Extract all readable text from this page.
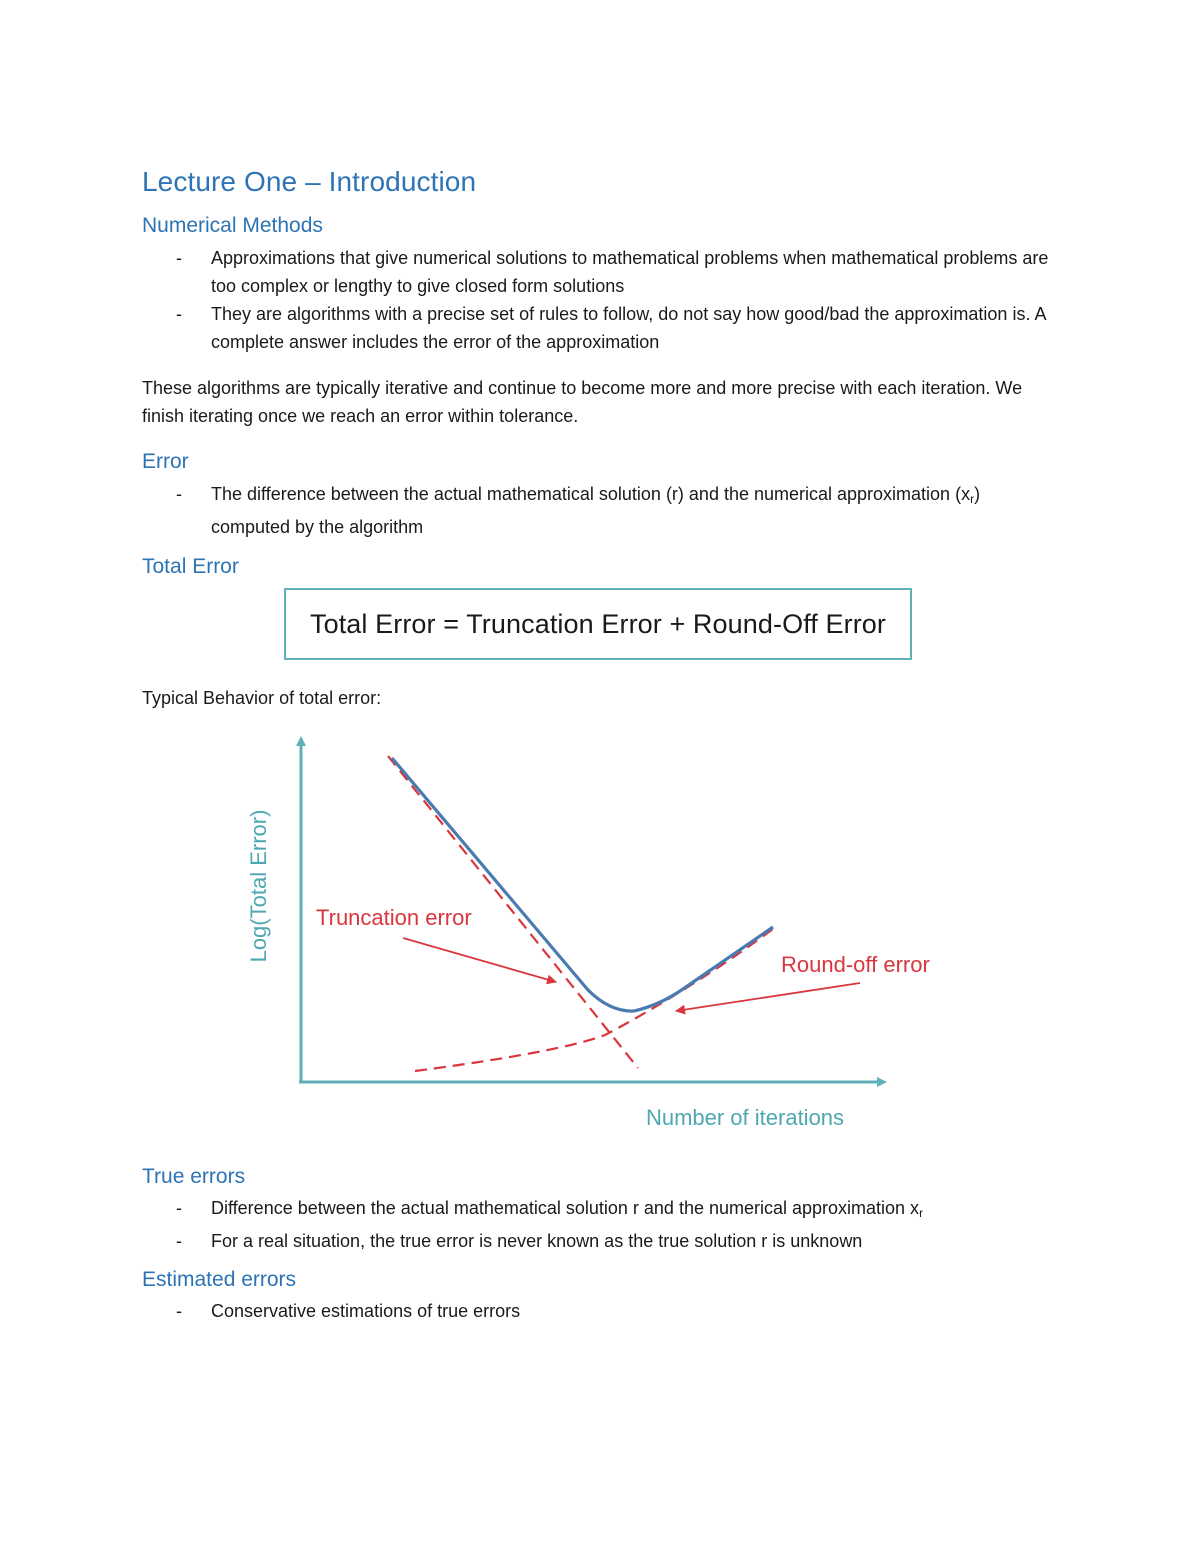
Lecture One – Introduction
Numerical Methods
- Approximations that give numerical solutions to mathematical problems when mathematical problems are too complex or lengthy to give closed form solutions
- They are algorithms with a precise set of rules to follow, do not say how good/bad the approximation is. A complete answer includes the error of the approximation

These algorithms are typically iterative and continue to become more and more precise with each iteration. We finish iterating once we reach an error within tolerance.

Error
- The difference between the actual mathematical solution (r) and the numerical approximation $(x_r)$ computed by the algorithm
Total Error
Total Error = Truncation Error + Round-Off Error

Typical Behavior of total error:

Log(Total Error)
Number of iterations
Truncation error
Round-off error
True errors
- Difference between the actual mathematical solution r and the numerical approximation $x_r$
- For a real situation, the true error is never known as the true solution r is unknown
Estimated errors
- Conservative estimations of true errors
